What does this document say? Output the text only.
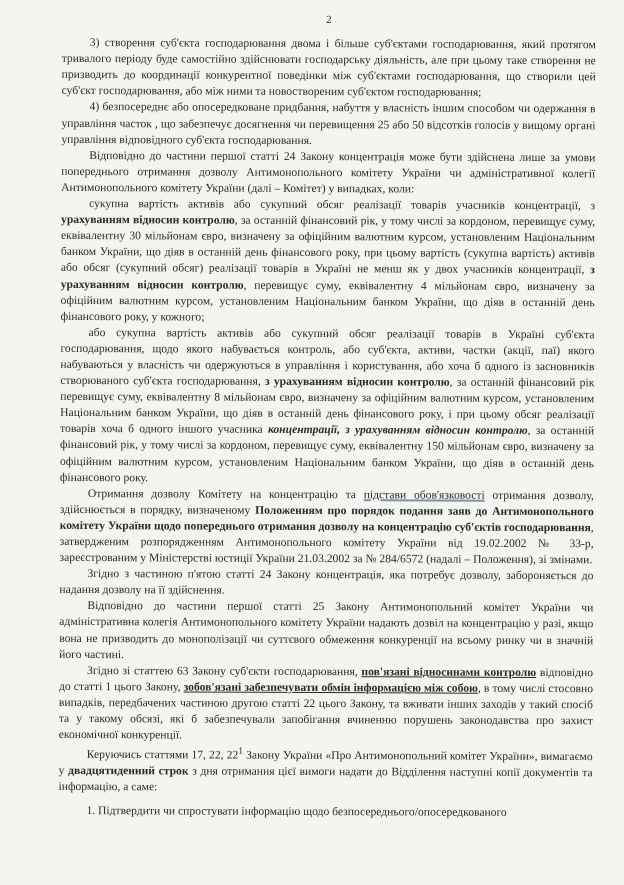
2

3) створення суб'єкта господарювання двома і більше суб'єктами господарювання, який протягом тривалого періоду буде самостійно здійснювати господарську діяльність, але при цьому таке створення не призводить до координації конкурентної поведінки між суб'єктами господарювання, що створили цей суб'єкт господарювання, або між ними та новоствореним суб'єктом господарювання;

4) безпосереднє або опосередковане придбання, набуття у власність іншим способом чи одержання в управління часток , що забезпечує досягнення чи перевищення 25 або 50 відсотків голосів у вищому органі управління відповідного суб'єкта господарювання.

Відповідно до частини першої статті 24 Закону концентрація може бути здійснена лише за умови попереднього отримання дозволу Антимонопольного комітету України чи адміністративної колегії Антимонопольного комітету України (далі – Комітет) у випадках, коли:

сукупна вартість активів або сукупний обсяг реалізації товарів учасників концентрації, з урахуванням відносин контролю, за останній фінансовий рік, у тому числі за кордоном, перевищує суму, еквівалентну 30 мільйонам євро, визначену за офіційним валютним курсом, установленим Національним банком України, що діяв в останній день фінансового року, при цьому вартість (сукупна вартість) активів або обсяг (сукупний обсяг) реалізації товарів в Україні не менш як у двох учасників концентрації, з урахуванням відносин контролю, перевищує суму, еквівалентну 4 мільйонам євро, визначену за офіційним валютним курсом, установленим Національним банком України, що діяв в останній день фінансового року, у кожного;

або сукупна вартість активів або сукупний обсяг реалізації товарів в Україні суб'єкта господарювання, щодо якого набувається контроль, або суб'єкта, активи, частки (акції, паї) якого набуваються у власність чи одержуються в управління і користування, або хоча б одного із засновників створюваного суб'єкта господарювання, з урахуванням відносин контролю, за останній фінансовий рік перевищує суму, еквівалентну 8 мільйонам євро, визначену за офіційним валютним курсом, установленим Національним банком України, що діяв в останній день фінансового року, і при цьому обсяг реалізації товарів хоча б одного іншого учасника концентрації, з урахуванням відносин контролю, за останній фінансовий рік, у тому числі за кордоном, перевищує суму, еквівалентну 150 мільйонам євро, визначену за офіційним валютним курсом, установленим Національним банком України, що діяв в останній день фінансового року.

Отримання дозволу Комітету на концентрацію та підстави обов'язковості отримання дозволу, здійснюється в порядку, визначеному Положенням про порядок подання заяв до Антимонопольного комітету України щодо попереднього отримання дозволу на концентрацію суб'єктів господарювання, затвердженим розпорядженням Антимонопольного комітету України від 19.02.2002 № 33-р, зареєстрованим у Міністерстві юстиції України 21.03.2002 за № 284/6572 (надалі – Положення), зі змінами.

Згідно з частиною п'ятою статті 24 Закону концентрація, яка потребує дозволу, забороняється до надання дозволу на її здійснення.

Відповідно до частини першої статті 25 Закону Антимонопольний комітет України чи адміністративна колегія Антимонопольного комітету України надають дозвіл на концентрацію у разі, якщо вона не призводить до монополізації чи суттєвого обмеження конкуренції на всьому ринку чи в значній його частині.

Згідно зі статтею 63 Закону суб'єкти господарювання, пов'язані відносинами контролю відповідно до статті 1 цього Закону, зобов'язані забезпечувати обмін інформацією між собою, в тому числі стосовно випадків, передбачених частиною другою статті 22 цього Закону, та вживати інших заходів у такий спосіб та у такому обсязі, які б забезпечували запобігання вчиненню порушень законодавства про захист економічної конкуренції.

Керуючись статтями 17, 22, $22^1$ Закону України «Про Антимонопольний комітет України», вимагаємо у двадцятиденний строк з дня отримання цієї вимоги надати до Відділення наступні копії документів та інформацію, а саме:

1. Підтвердити чи спростувати інформацію щодо безпосереднього/опосередкованого
